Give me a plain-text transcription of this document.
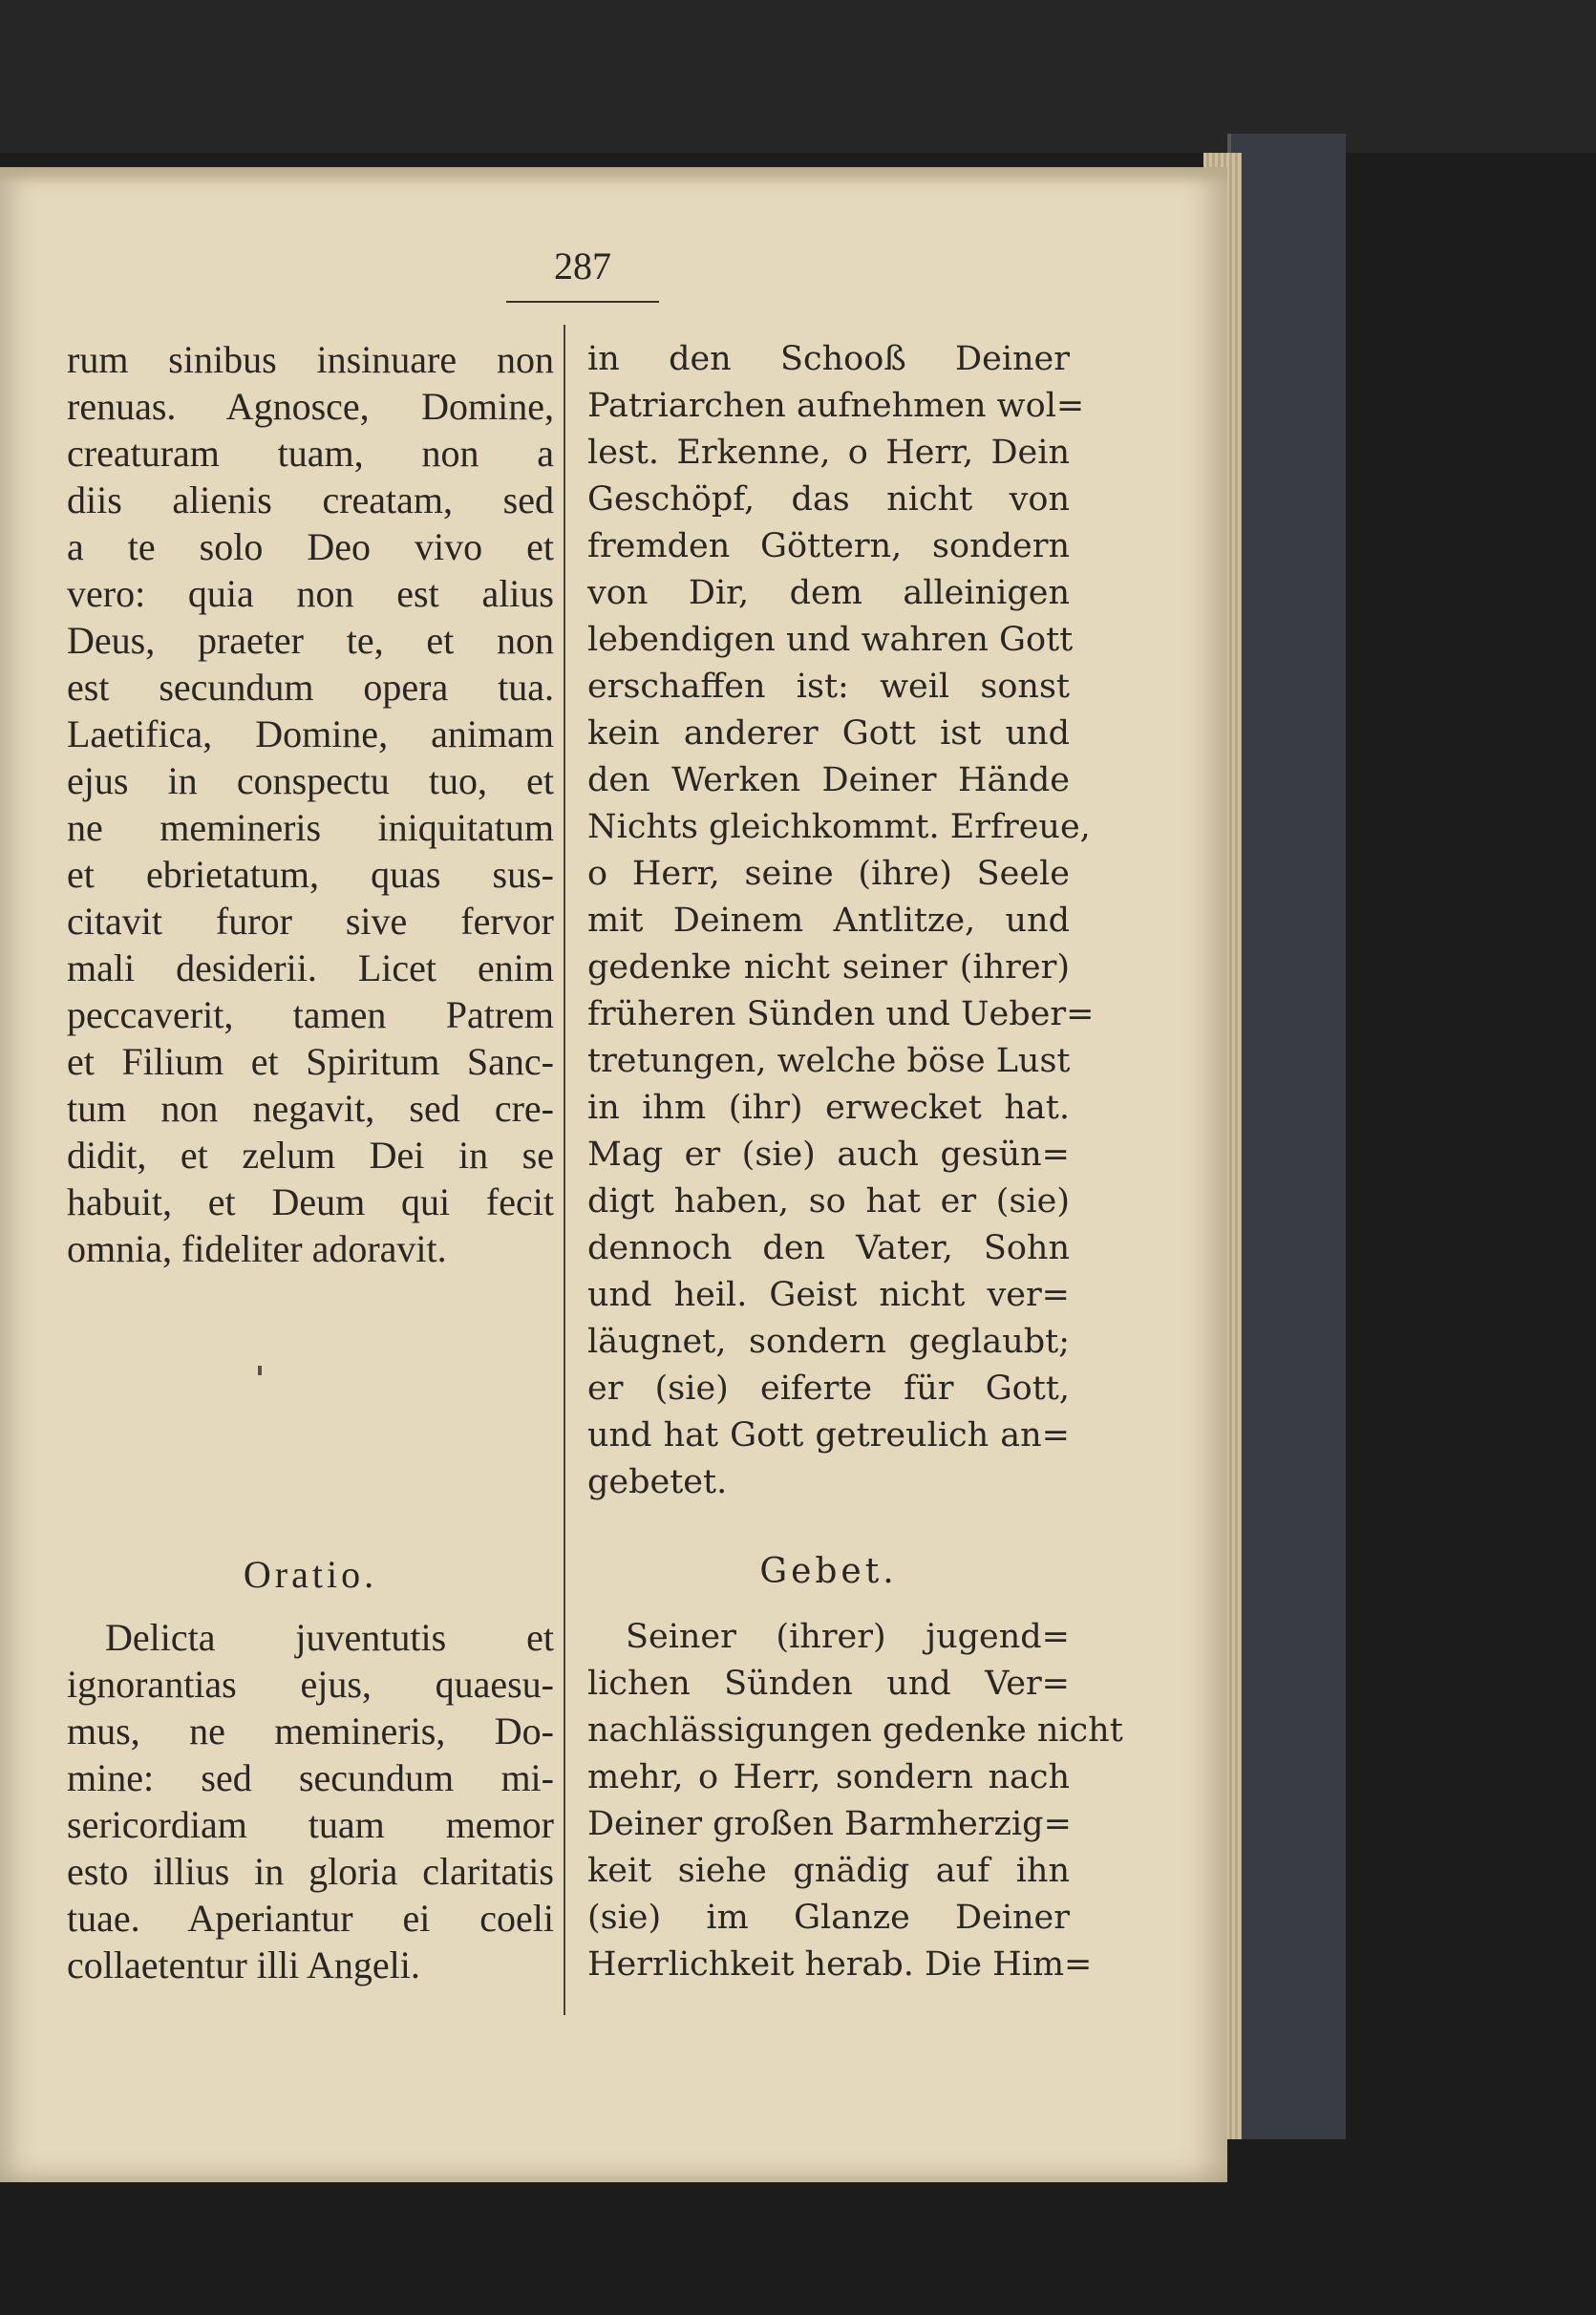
287
rum sinibus insinuare non
renuas. Agnosce, Domine,
creaturam tuam, non a
diis alienis creatam, sed
a te solo Deo vivo et
vero: quia non est alius
Deus, praeter te, et non
est secundum opera tua.
Laetifica, Domine, animam
ejus in conspectu tuo, et
ne memineris iniquitatum
et ebrietatum, quas sus-
citavit furor sive fervor
mali desiderii. Licet enim
peccaverit, tamen Patrem
et Filium et Spiritum Sanc-
tum non negavit, sed cre-
didit, et zelum Dei in se
habuit, et Deum qui fecit
omnia, fideliter adoravit.
in den Schooß Deiner
Patriarchen aufnehmen wol=
lest. Erkenne, o Herr, Dein
Geschöpf, das nicht von
fremden Göttern, sondern
von Dir, dem alleinigen
lebendigen und wahren Gott
erschaffen ist: weil sonst
kein anderer Gott ist und
den Werken Deiner Hände
Nichts gleichkommt. Erfreue,
o Herr, seine (ihre) Seele
mit Deinem Antlitze, und
gedenke nicht seiner (ihrer)
früheren Sünden und Ueber=
tretungen, welche böse Lust
in ihm (ihr) erwecket hat.
Mag er (sie) auch gesün=
digt haben, so hat er (sie)
dennoch den Vater, Sohn
und heil. Geist nicht ver=
läugnet, sondern geglaubt;
er (sie) eiferte für Gott,
und hat Gott getreulich an=
gebetet.
Oratio.	Gebet.
Delicta juventutis et
ignorantias ejus, quaesu-
mus, ne memineris, Do-
mine: sed secundum mi-
sericordiam tuam memor
esto illius in gloria claritatis
tuae. Aperiantur ei coeli
collaetentur illi Angeli.
Seiner (ihrer) jugend=
lichen Sünden und Ver=
nachlässigungen gedenke nicht
mehr, o Herr, sondern nach
Deiner großen Barmherzig=
keit siehe gnädig auf ihn
(sie) im Glanze Deiner
Herrlichkeit herab. Die Him=
